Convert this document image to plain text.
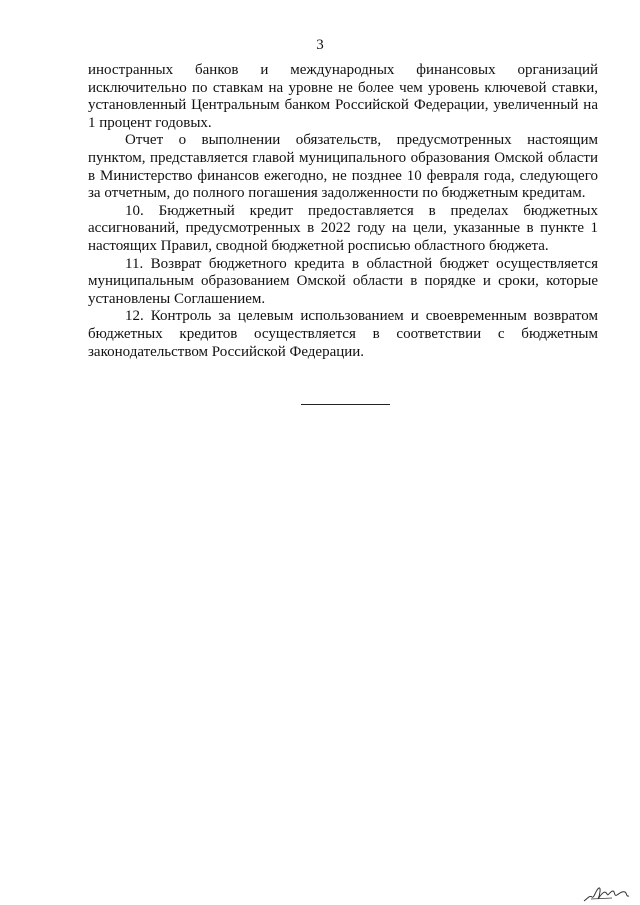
3

иностранных банков и международных финансовых организаций исключительно по ставкам на уровне не более чем уровень ключевой ставки, установленный Центральным банком Российской Федерации, увеличенный на 1 процент годовых.

Отчет о выполнении обязательств, предусмотренных настоящим пунктом, представляется главой муниципального образования Омской области в Министерство финансов ежегодно, не позднее 10 февраля года, следующего за отчетным, до полного погашения задолженности по бюджетным кредитам.

10. Бюджетный кредит предоставляется в пределах бюджетных ассигнований, предусмотренных в 2022 году на цели, указанные в пункте 1 настоящих Правил, сводной бюджетной росписью областного бюджета.

11. Возврат бюджетного кредита в областной бюджет осуществляется муниципальным образованием Омской области в порядке и сроки, которые установлены Соглашением.

12. Контроль за целевым использованием и своевременным возвратом бюджетных кредитов осуществляется в соответствии с бюджетным законодательством Российской Федерации.
